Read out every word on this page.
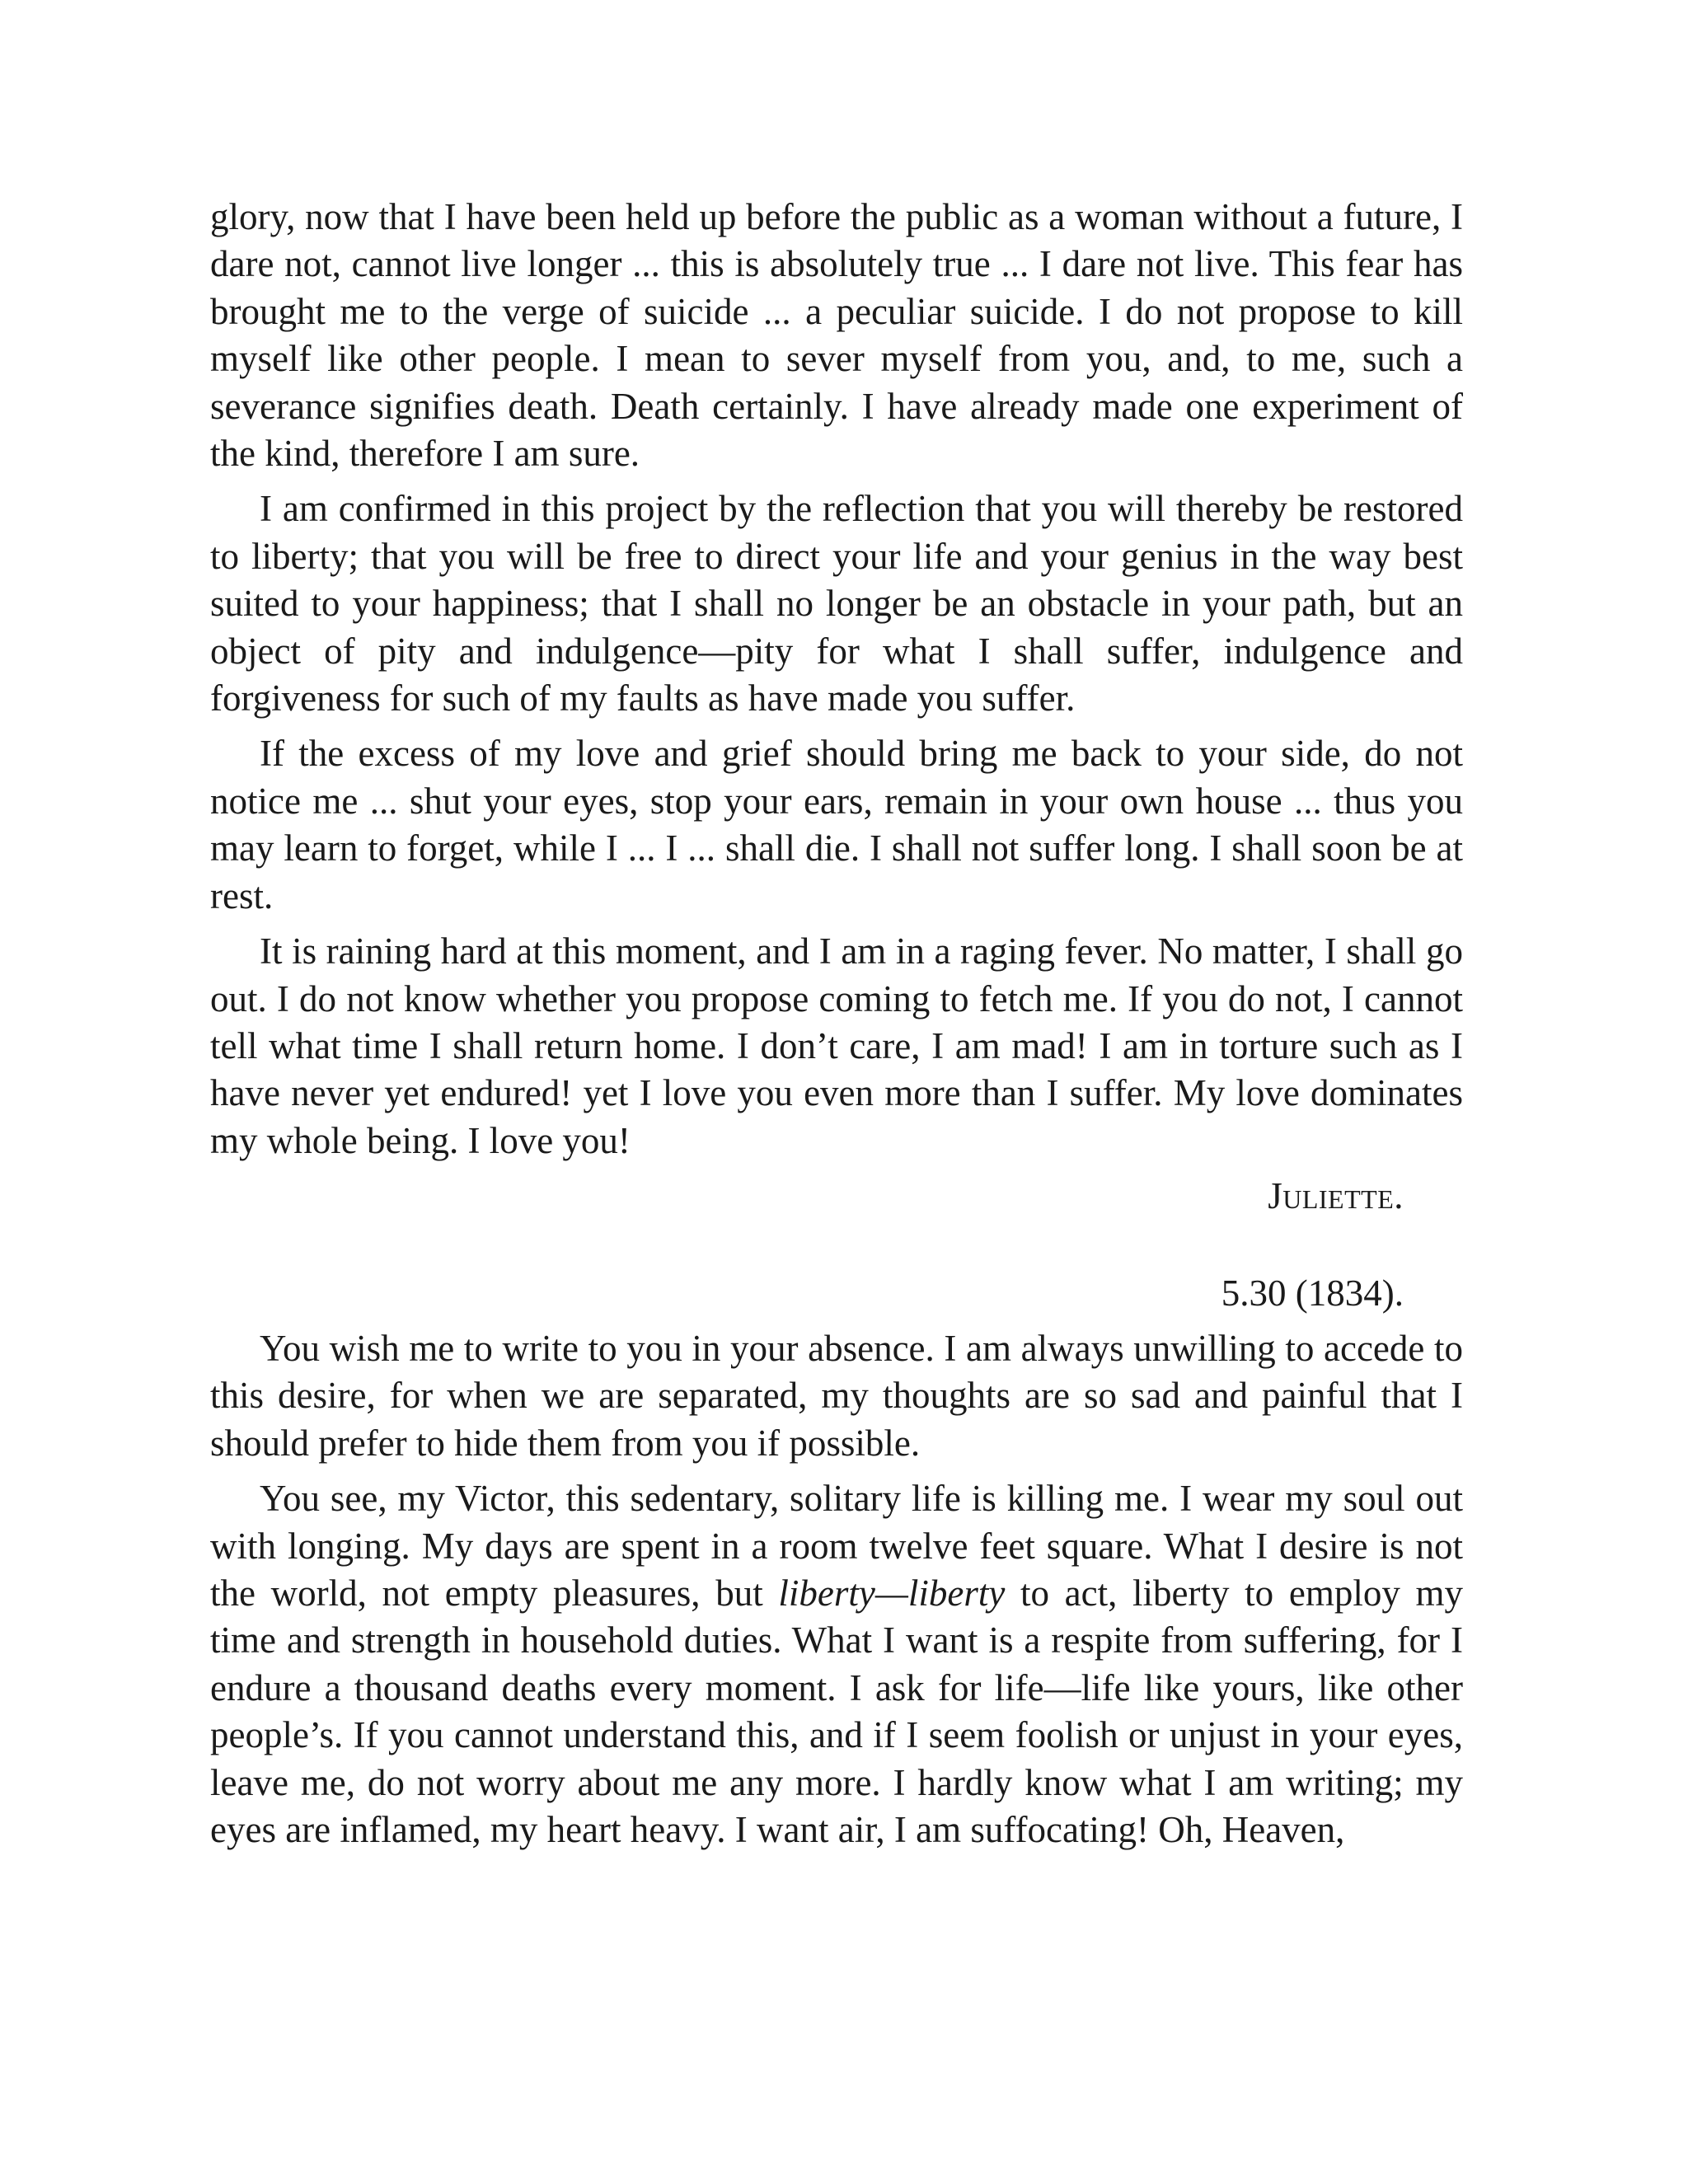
glory, now that I have been held up before the public as a woman without a future, I dare not, cannot live longer ... this is absolutely true ... I dare not live. This fear has brought me to the verge of suicide ... a peculiar suicide. I do not propose to kill myself like other people. I mean to sever myself from you, and, to me, such a severance signifies death. Death certainly. I have already made one experiment of the kind, therefore I am sure.

I am confirmed in this project by the reflection that you will thereby be restored to liberty; that you will be free to direct your life and your genius in the way best suited to your happiness; that I shall no longer be an obstacle in your path, but an object of pity and indulgence—pity for what I shall suffer, indulgence and forgiveness for such of my faults as have made you suffer.

If the excess of my love and grief should bring me back to your side, do not notice me ... shut your eyes, stop your ears, remain in your own house ... thus you may learn to forget, while I ... I ... shall die. I shall not suffer long. I shall soon be at rest.

It is raining hard at this moment, and I am in a raging fever. No matter, I shall go out. I do not know whether you propose coming to fetch me. If you do not, I cannot tell what time I shall return home. I don’t care, I am mad! I am in torture such as I have never yet endured! yet I love you even more than I suffer. My love dominates my whole being. I love you!

Juliette.

5.30 (1834).

You wish me to write to you in your absence. I am always unwilling to accede to this desire, for when we are separated, my thoughts are so sad and painful that I should prefer to hide them from you if possible.

You see, my Victor, this sedentary, solitary life is killing me. I wear my soul out with longing. My days are spent in a room twelve feet square. What I desire is not the world, not empty pleasures, but liberty—liberty to act, liberty to employ my time and strength in household duties. What I want is a respite from suffering, for I endure a thousand deaths every moment. I ask for life—life like yours, like other people’s. If you cannot understand this, and if I seem foolish or unjust in your eyes, leave me, do not worry about me any more. I hardly know what I am writing; my eyes are inflamed, my heart heavy. I want air, I am suffocating! Oh, Heaven,
